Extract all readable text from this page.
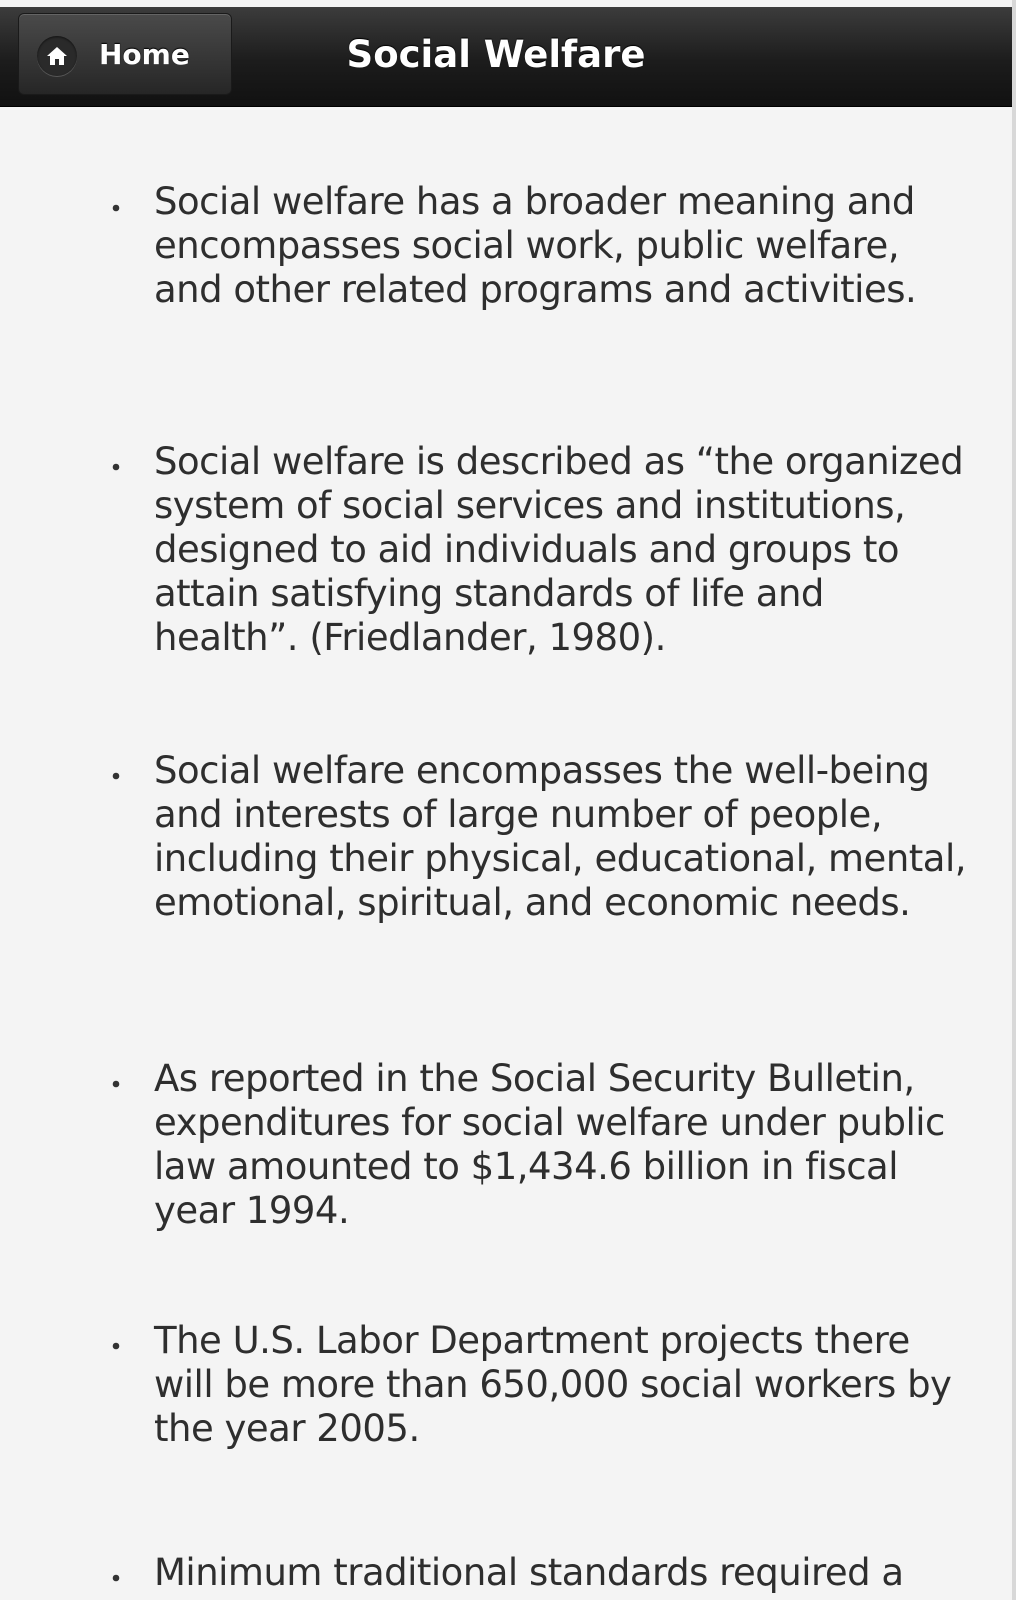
Home	Social Welfare

Social welfare has a broader meaning and encompasses social work, public welfare, and other related programs and activities.

Social welfare is described as “the organized system of social services and institutions, designed to aid individuals and groups to attain satisfying standards of life and health”. (Friedlander, 1980).

Social welfare encompasses the well-being and interests of large number of people, including their physical, educational, mental, emotional, spiritual, and economic needs.

As reported in the Social Security Bulletin, expenditures for social welfare under public law amounted to $1,434.6 billion in fiscal year 1994.

The U.S. Labor Department projects there will be more than 650,000 social workers by the year 2005.

Minimum traditional standards required a
